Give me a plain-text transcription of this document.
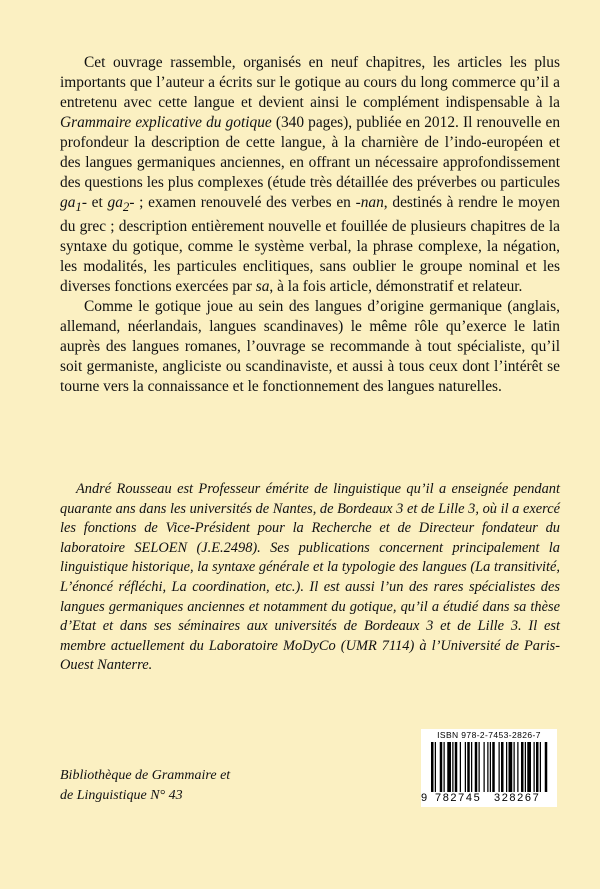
Cet ouvrage rassemble, organisés en neuf chapitres, les articles les plus importants que l’auteur a écrits sur le gotique au cours du long commerce qu’il a entretenu avec cette langue et devient ainsi le complément indispensable à la Grammaire explicative du gotique (340 pages), publiée en 2012. Il renouvelle en profondeur la description de cette langue, à la charnière de l’indo-européen et des langues germaniques anciennes, en offrant un nécessaire approfondissement des questions les plus complexes (étude très détaillée des préverbes ou particules $ga_1-$ et $ga_2-$ ; examen renouvelé des verbes en -nan, destinés à rendre le moyen du grec ; description entièrement nouvelle et fouillée de plusieurs chapitres de la syntaxe du gotique, comme le système verbal, la phrase complexe, la négation, les modalités, les particules enclitiques, sans oublier le groupe nominal et les diverses fonctions exercées par sa, à la fois article, démonstratif et relateur.

Comme le gotique joue au sein des langues d’origine germanique (anglais, allemand, néerlandais, langues scandinaves) le même rôle qu’exerce le latin auprès des langues romanes, l’ouvrage se recommande à tout spécialiste, qu’il soit germaniste, angliciste ou scandinaviste, et aussi à tous ceux dont l’intérêt se tourne vers la connaissance et le fonctionnement des langues naturelles.

André Rousseau est Professeur émérite de linguistique qu’il a enseignée pendant quarante ans dans les universités de Nantes, de Bordeaux 3 et de Lille 3, où il a exercé les fonctions de Vice-Président pour la Recherche et de Directeur fondateur du laboratoire SELOEN (J.E.2498). Ses publications concernent principalement la linguistique historique, la syntaxe générale et la typologie des langues (La transitivité, L’énoncé réfléchi, La coordination, etc.). Il est aussi l’un des rares spécialistes des langues germaniques anciennes et notamment du gotique, qu’il a étudié dans sa thèse d’Etat et dans ses séminaires aux universités de Bordeaux 3 et de Lille 3. Il est membre actuellement du Laboratoire MoDyCo (UMR 7114) à l’Université de Paris-Ouest Nanterre.

Bibliothèque de Grammaire et
de Linguistique N° 43
ISBN 978-2-7453-2826-7
9 782745 328267
